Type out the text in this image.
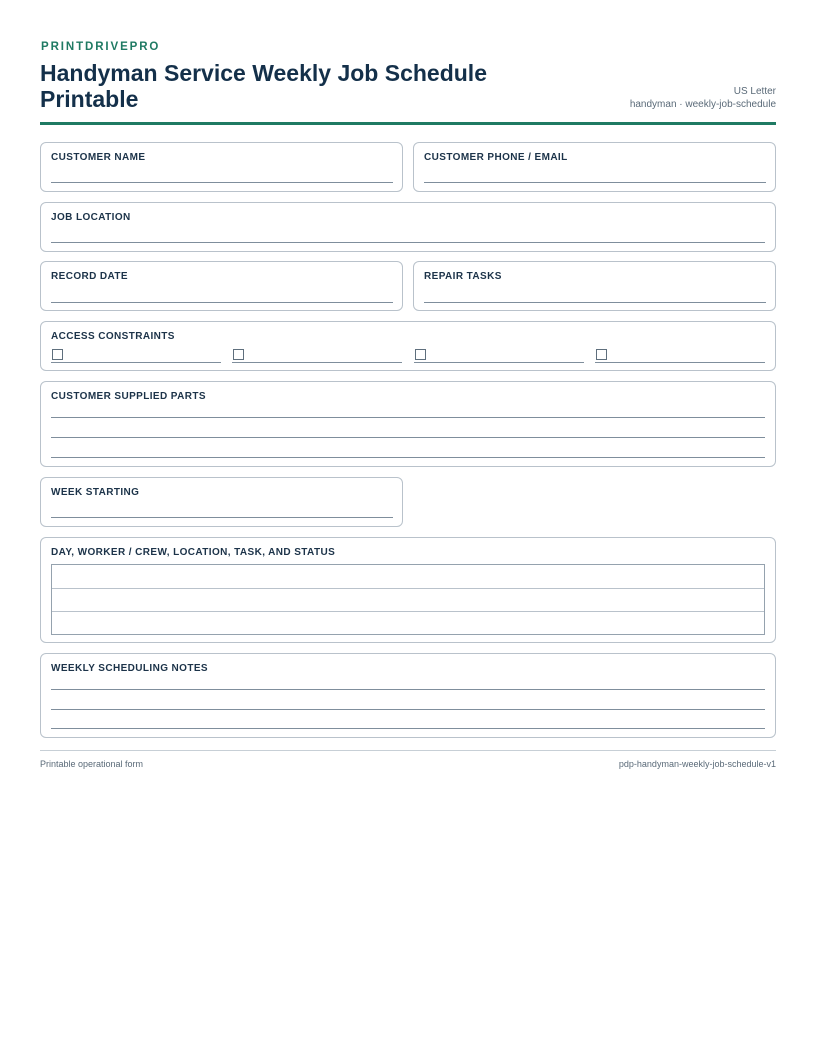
PRINTDRIVEPRO
Handyman Service Weekly Job Schedule Printable	US Letter
handyman · weekly-job-schedule
CUSTOMER NAME	CUSTOMER PHONE / EMAIL
JOB LOCATION
RECORD DATE	REPAIR TASKS
ACCESS CONSTRAINTS
CUSTOMER SUPPLIED PARTS
WEEK STARTING
DAY, WORKER / CREW, LOCATION, TASK, AND STATUS
WEEKLY SCHEDULING NOTES
Printable operational form	pdp-handyman-weekly-job-schedule-v1
